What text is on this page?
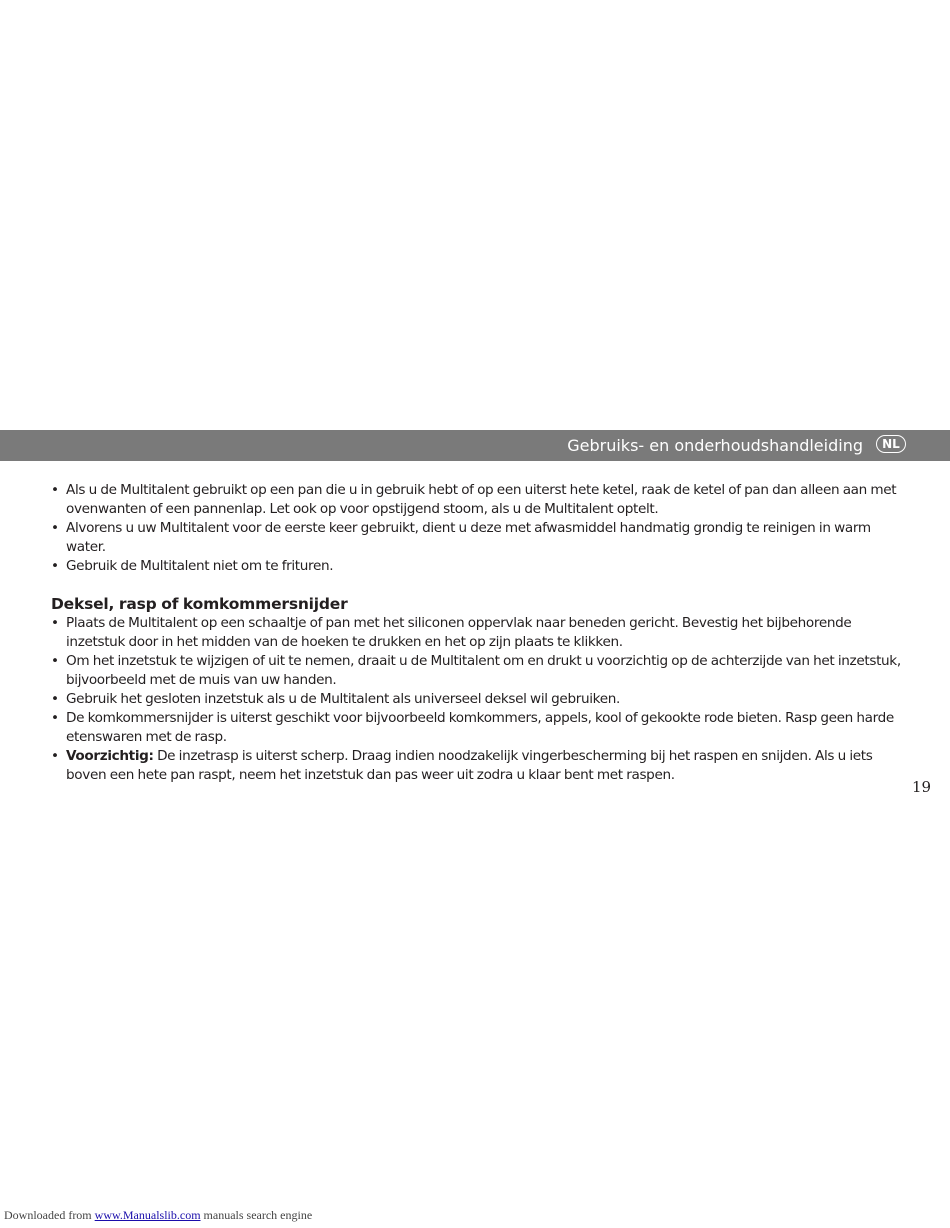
Gebruiks- en onderhoudshandleiding	NL
• Als u de Multitalent gebruikt op een pan die u in gebruik hebt of op een uiterst hete ketel, raak de ketel of pan dan alleen aan met ovenwanten of een pannenlap. Let ook op voor opstijgend stoom, als u de Multitalent optelt.
• Alvorens u uw Multitalent voor de eerste keer gebruikt, dient u deze met afwasmiddel handmatig grondig te reinigen in warm water.
• Gebruik de Multitalent niet om te frituren.
Deksel, rasp of komkommersnijder
• Plaats de Multitalent op een schaaltje of pan met het siliconen oppervlak naar beneden gericht. Bevestig het bijbehorende inzetstuk door in het midden van de hoeken te drukken en het op zijn plaats te klikken.
• Om het inzetstuk te wijzigen of uit te nemen, draait u de Multitalent om en drukt u voorzichtig op de achterzijde van het inzetstuk, bijvoorbeeld met de muis van uw handen.
• Gebruik het gesloten inzetstuk als u de Multitalent als universeel deksel wil gebruiken.
• De komkommersnijder is uiterst geschikt voor bijvoorbeeld komkommers, appels, kool of gekookte rode bieten. Rasp geen harde etenswaren met de rasp.
• Voorzichtig: De inzetrasp is uiterst scherp. Draag indien noodzakelijk vingerbescherming bij het raspen en snijden. Als u iets boven een hete pan raspt, neem het inzetstuk dan pas weer uit zodra u klaar bent met raspen.
19
Downloaded from www.Manualslib.com manuals search engine
